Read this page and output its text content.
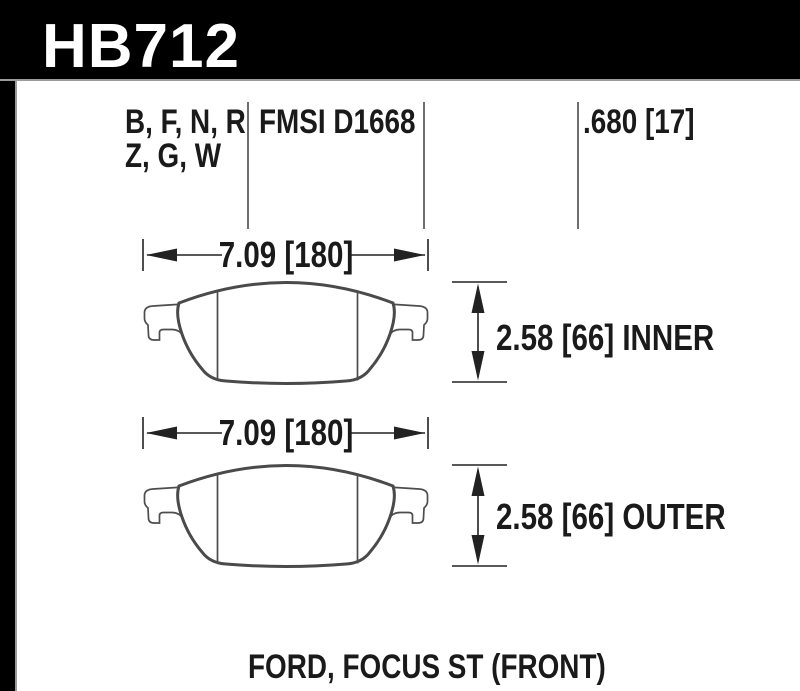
HB712
B, F, N, R
Z, G, W
FMSI D1668	.680 [17]
7.09 [180]
2.58 [66] INNER
7.09 [180]
2.58 [66] OUTER
FORD, FOCUS ST (FRONT)
